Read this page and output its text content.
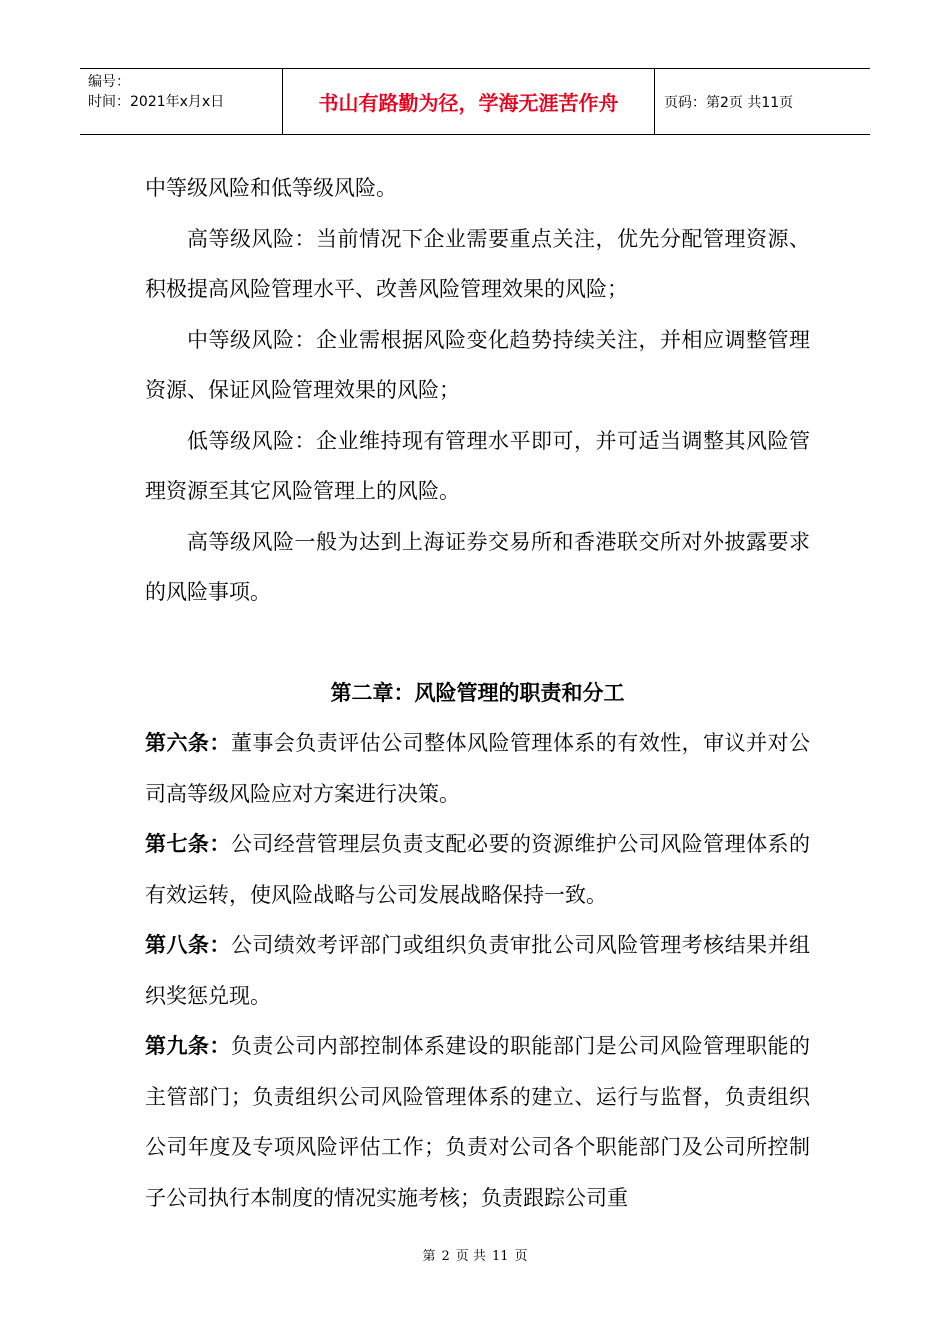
编号：
时间：2021年x月x日	书山有路勤为径，学海无涯苦作舟	页码：第2页 共11页

中等级风险和低等级风险。

高等级风险：当前情况下企业需要重点关注，优先分配管理资源、积极提高风险管理水平、改善风险管理效果的风险；

中等级风险：企业需根据风险变化趋势持续关注，并相应调整管理资源、保证风险管理效果的风险；

低等级风险：企业维持现有管理水平即可，并可适当调整其风险管理资源至其它风险管理上的风险。

高等级风险一般为达到上海证券交易所和香港联交所对外披露要求的风险事项。

第二章：风险管理的职责和分工

第六条：董事会负责评估公司整体风险管理体系的有效性，审议并对公司高等级风险应对方案进行决策。

第七条：公司经营管理层负责支配必要的资源维护公司风险管理体系的有效运转，使风险战略与公司发展战略保持一致。

第八条：公司绩效考评部门或组织负责审批公司风险管理考核结果并组织奖惩兑现。

第九条：负责公司内部控制体系建设的职能部门是公司风险管理职能的主管部门；负责组织公司风险管理体系的建立、运行与监督，负责组织公司年度及专项风险评估工作；负责对公司各个职能部门及公司所控制子公司执行本制度的情况实施考核；负责跟踪公司重

第 2 页 共 11 页
